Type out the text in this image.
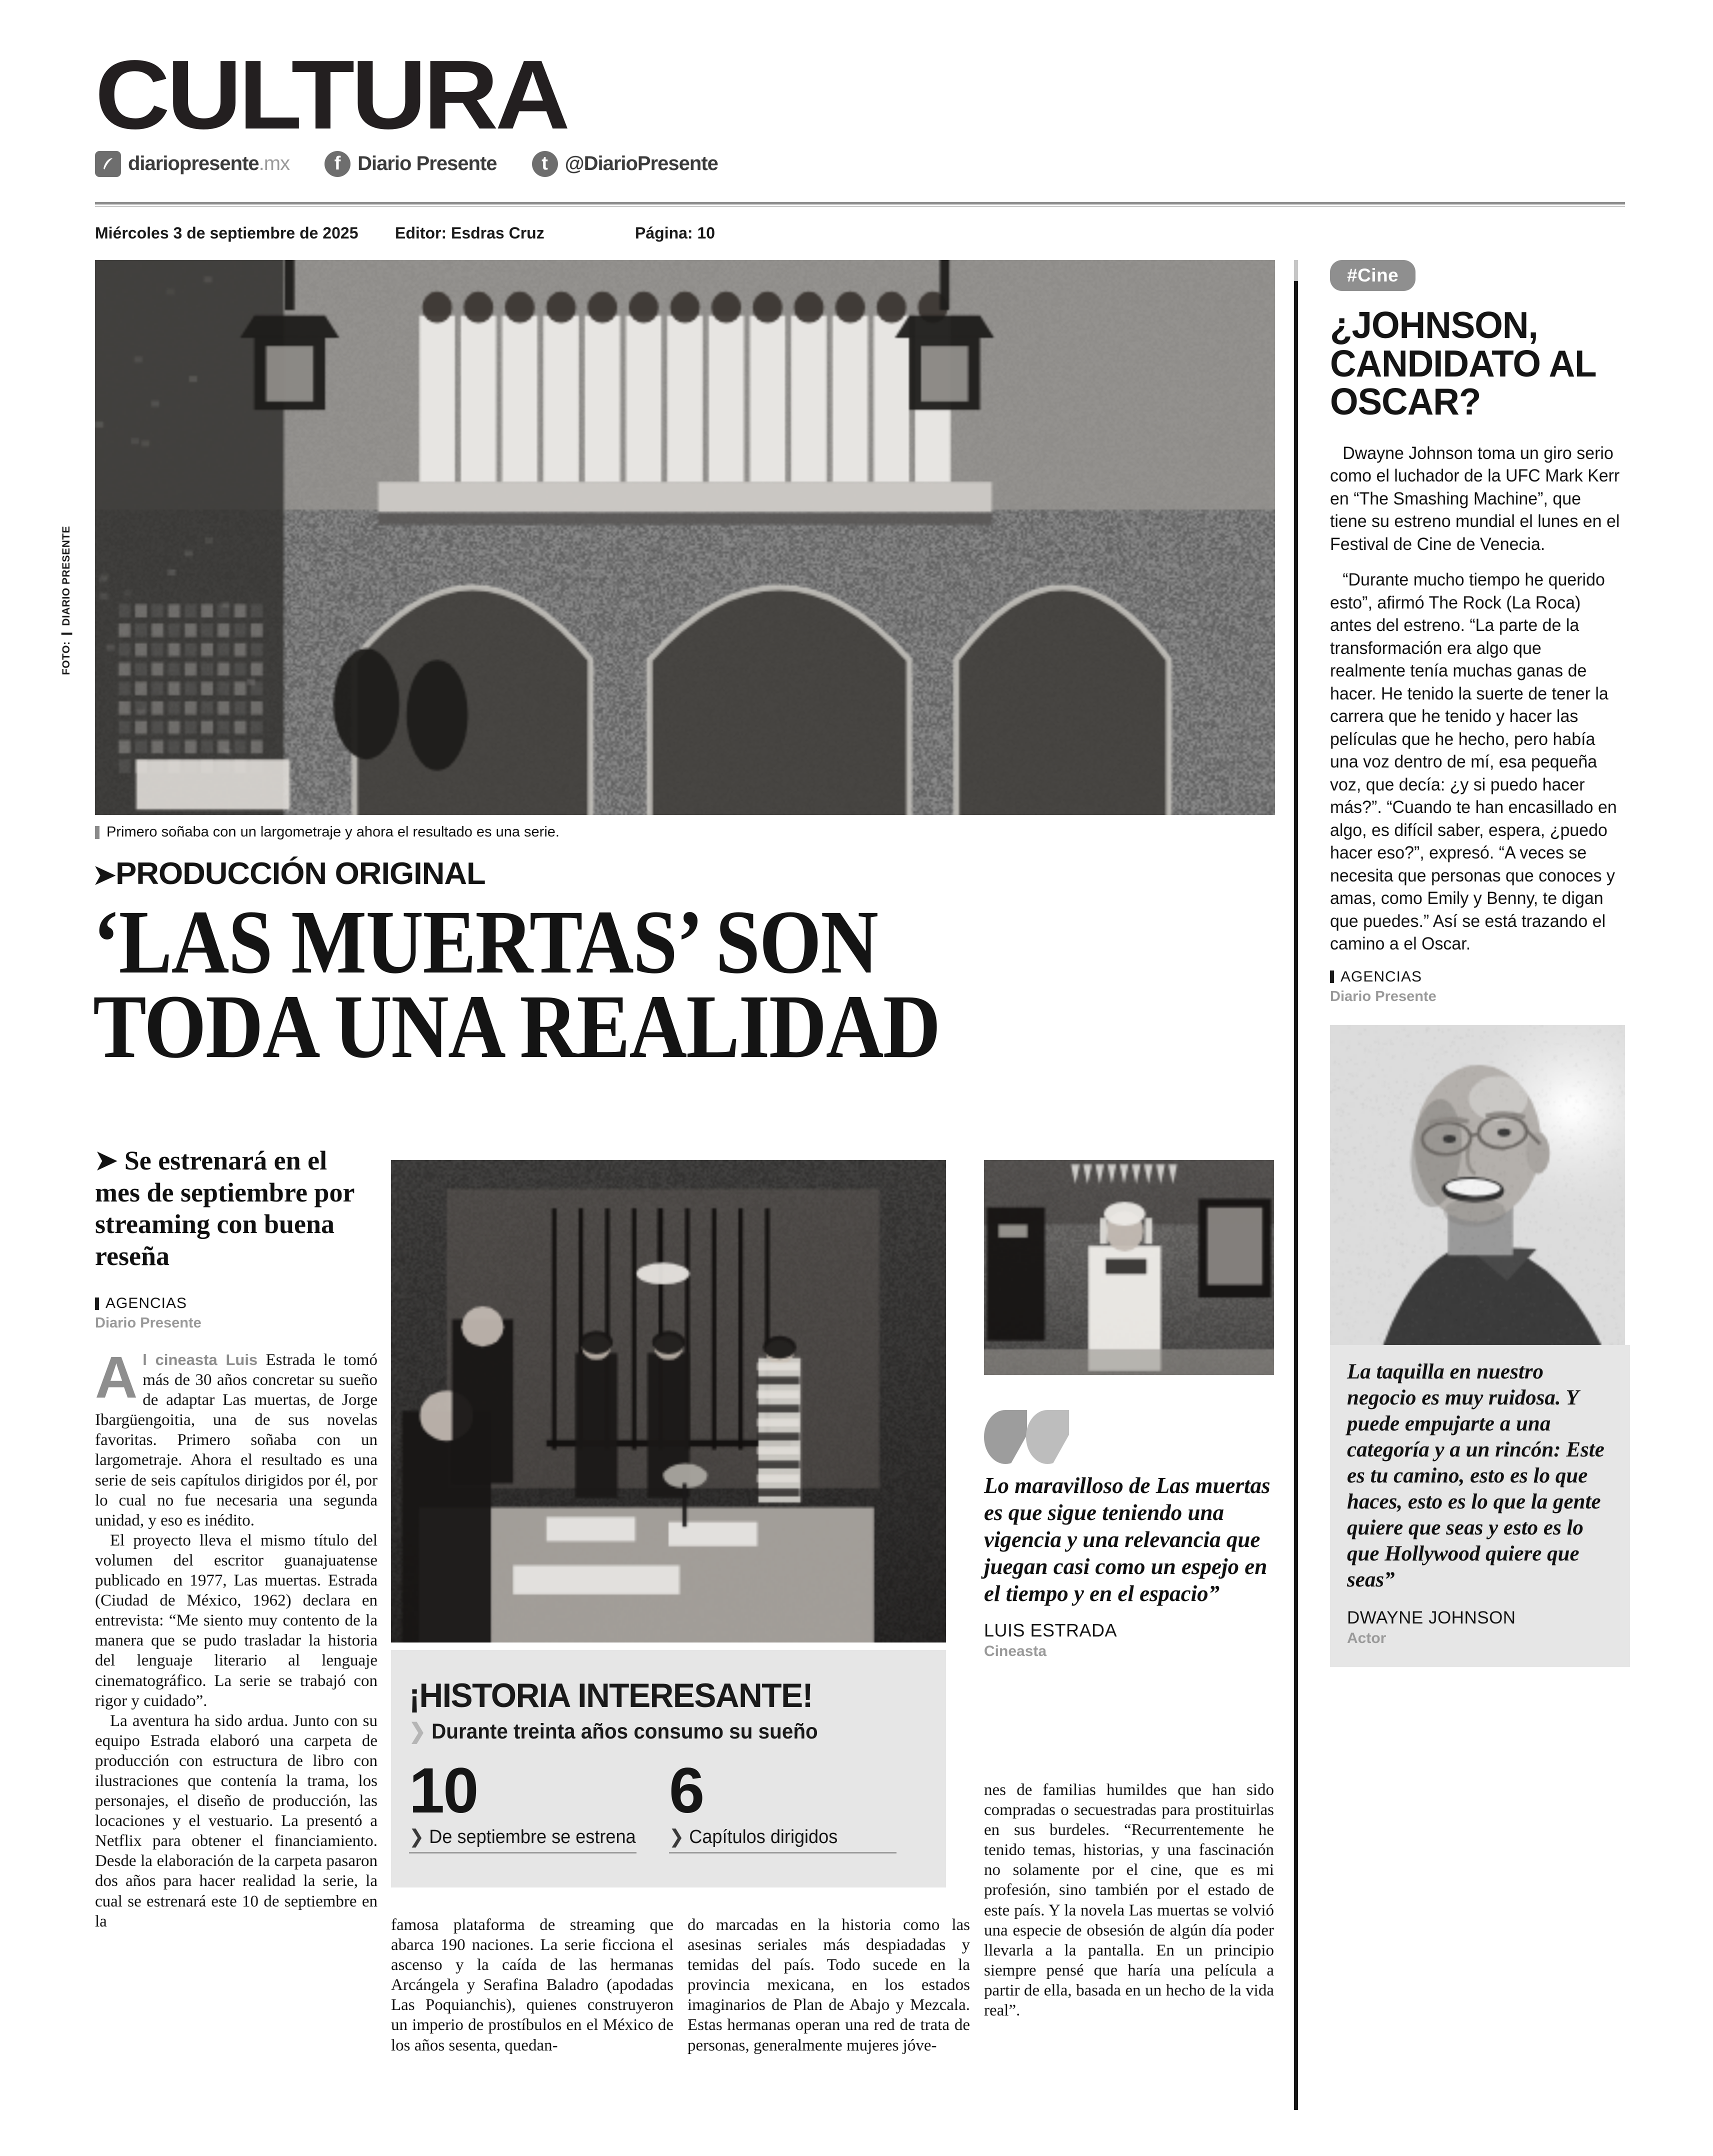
CULTURA
diariopresente.mx	f Diario Presente	t @DiarioPresente
Miércoles 3 de septiembre de 2025	Editor: Esdras Cruz	Página: 10
FOTO: ❙ DIARIO PRESENTE
Primero soñaba con un largometraje y ahora el resultado es una serie.
➤PRODUCCIÓN ORIGINAL
‘LAS MUERTAS’ SON
TODA UNA REALIDAD
➤ Se estrenará en el mes de septiembre por streaming con buena reseña
AGENCIAS
Diario Presente

Al cineasta Luis Estrada le tomó más de 30 años concretar su sueño de adaptar Las muertas, de Jorge Ibargüengoitia, una de sus novelas favoritas. Primero soñaba con un largometraje. Ahora el resultado es una serie de seis capítulos dirigidos por él, por lo cual no fue necesaria una segunda unidad, y eso es inédito.

El proyecto lleva el mismo título del volumen del escritor guanajuatense publicado en 1977, Las muertas. Estrada (Ciudad de México, 1962) declara en entrevista: “Me siento muy contento de la manera que se pudo trasladar la historia del lenguaje literario al lenguaje cinematográfico. La serie se trabajó con rigor y cuidado”.

La aventura ha sido ardua. Junto con su equipo Estrada elaboró una carpeta de producción con estructura de libro con ilustraciones que contenía la trama, los personajes, el diseño de producción, las locaciones y el vestuario. La presentó a Netflix para obtener el financiamiento. Desde la elaboración de la carpeta pasaron dos años para hacer realidad la serie, la cual se estrenará este 10 de septiembre en la

¡HISTORIA INTERESANTE!
❯ Durante treinta años consumo su sueño
10
❯ De septiembre se estrena
6
❯ Capítulos dirigidos
Lo maravilloso de Las muertas es que sigue teniendo una vigencia y una relevancia que juegan casi como un espejo en el tiempo y en el espacio”
LUIS ESTRADA
Cineasta

famosa plataforma de streaming que abarca 190 naciones. La serie ficciona el ascenso y la caída de las hermanas Arcángela y Serafina Baladro (apodadas Las Poquianchis), quienes construyeron un imperio de prostíbulos en el México de los años sesenta, quedan-

do marcadas en la historia como las asesinas seriales más despiadadas y temidas del país. Todo sucede en la provincia mexicana, en los estados imaginarios de Plan de Abajo y Mezcala. Estas hermanas operan una red de trata de personas, generalmente mujeres jóve-

nes de familias humildes que han sido compradas o secuestradas para prostituirlas en sus burdeles. “Recurrentemente he tenido temas, historias, y una fascinación no solamente por el cine, que es mi profesión, sino también por el estado de este país. Y la novela Las muertas se volvió una especie de obsesión de algún día poder llevarla a la pantalla. En un principio siempre pensé que haría una película a partir de ella, basada en un hecho de la vida real”.

#Cine
¿JOHNSON, CANDIDATO AL OSCAR?

Dwayne Johnson toma un giro serio como el luchador de la UFC Mark Kerr en “The Smashing Machine”, que tiene su estreno mundial el lunes en el Festival de Cine de Venecia.

“Durante mucho tiempo he querido esto”, afirmó The Rock (La Roca) antes del estreno. “La parte de la transformación era algo que realmente tenía muchas ganas de hacer. He tenido la suerte de tener la carrera que he tenido y hacer las películas que he hecho, pero había una voz dentro de mí, esa pequeña voz, que decía: ¿y si puedo hacer más?”. “Cuando te han encasillado en algo, es difícil saber, espera, ¿puedo hacer eso?”, expresó. “A veces se necesita que personas que conoces y amas, como Emily y Benny, te digan que puedes.” Así se está trazando el camino a el Oscar.

AGENCIAS
Diario Presente
La taquilla en nuestro negocio es muy ruidosa. Y puede empujarte a una categoría y a un rincón: Este es tu camino, esto es lo que haces, esto es lo que la gente quiere que seas y esto es lo que Hollywood quiere que seas”
DWAYNE JOHNSON
Actor
